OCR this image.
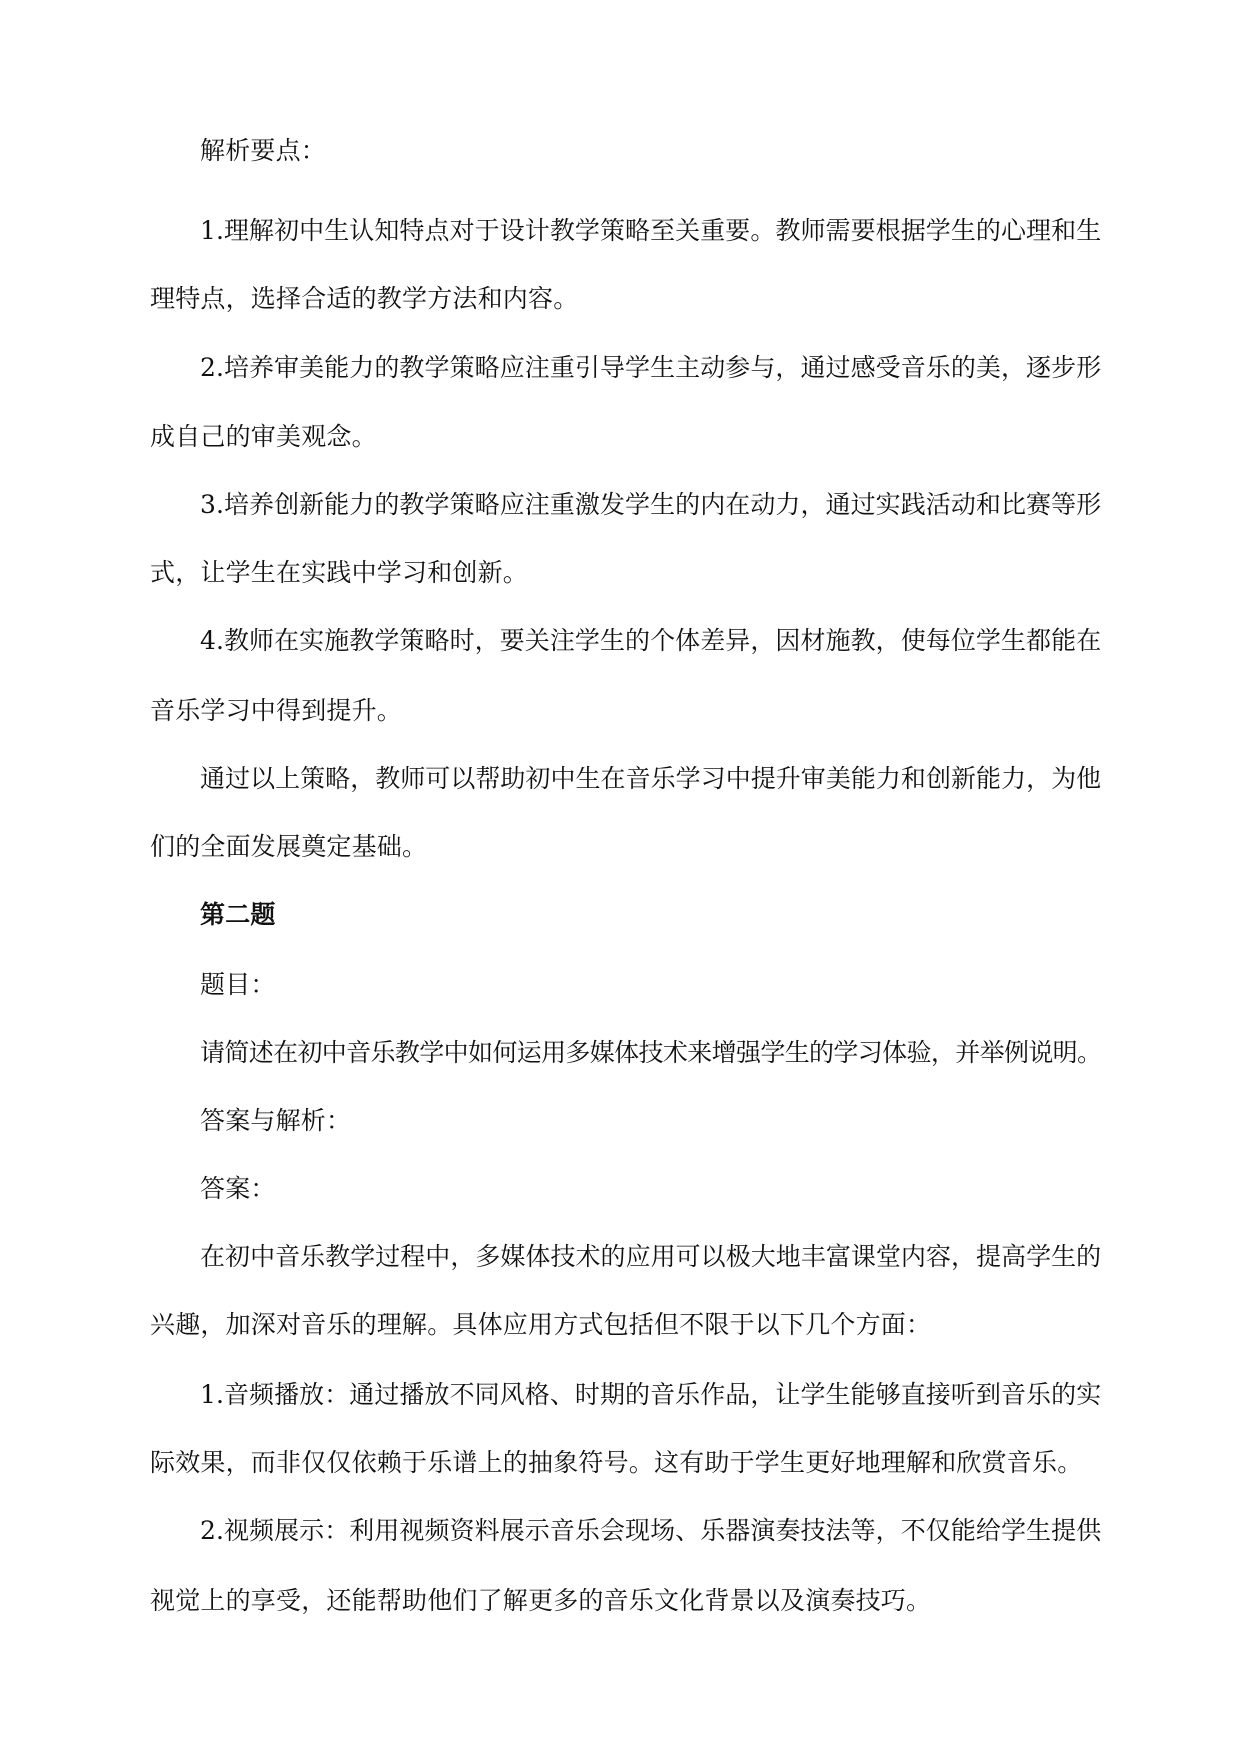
解析要点：
1.理解初中生认知特点对于设计教学策略至关重要。教师需要根据学生的心理和生
理特点，选择合适的教学方法和内容。
2.培养审美能力的教学策略应注重引导学生主动参与，通过感受音乐的美，逐步形
成自己的审美观念。
3.培养创新能力的教学策略应注重激发学生的内在动力，通过实践活动和比赛等形
式，让学生在实践中学习和创新。
4.教师在实施教学策略时，要关注学生的个体差异，因材施教，使每位学生都能在
音乐学习中得到提升。
通过以上策略，教师可以帮助初中生在音乐学习中提升审美能力和创新能力，为他
们的全面发展奠定基础。
第二题
题目：
请简述在初中音乐教学中如何运用多媒体技术来增强学生的学习体验，并举例说明。
答案与解析：
答案：
在初中音乐教学过程中，多媒体技术的应用可以极大地丰富课堂内容，提高学生的
兴趣，加深对音乐的理解。具体应用方式包括但不限于以下几个方面：
1.音频播放：通过播放不同风格、时期的音乐作品，让学生能够直接听到音乐的实
际效果，而非仅仅依赖于乐谱上的抽象符号。这有助于学生更好地理解和欣赏音乐。
2.视频展示：利用视频资料展示音乐会现场、乐器演奏技法等，不仅能给学生提供
视觉上的享受，还能帮助他们了解更多的音乐文化背景以及演奏技巧。
